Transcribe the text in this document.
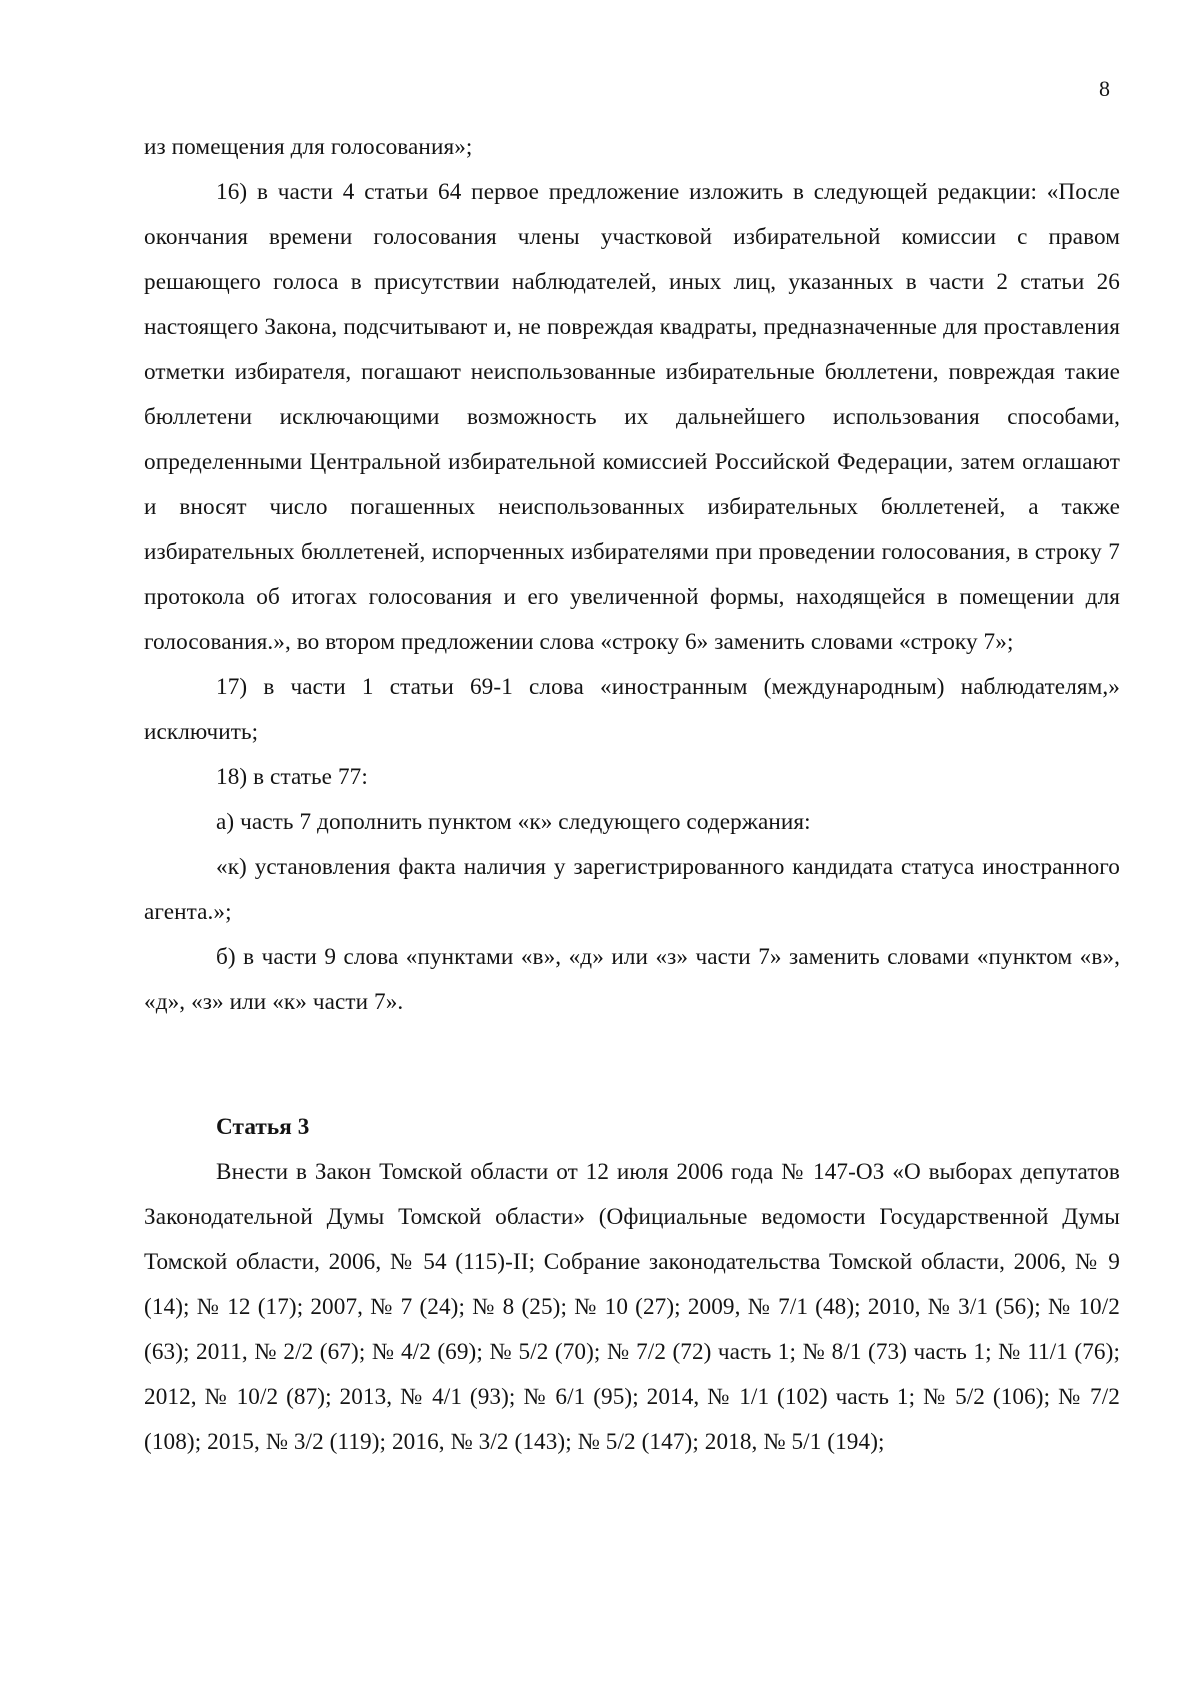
8

из помещения для голосования»;

16) в части 4 статьи 64 первое предложение изложить в следующей редакции: «После окончания времени голосования члены участковой избирательной комиссии с правом решающего голоса в присутствии наблюдателей, иных лиц, указанных в части 2 статьи 26 настоящего Закона, подсчитывают и, не повреждая квадраты, предназначенные для проставления отметки избирателя, погашают неиспользованные избирательные бюллетени, повреждая такие бюллетени исключающими возможность их дальнейшего использования способами, определенными Центральной избирательной комиссией Российской Федерации, затем оглашают и вносят число погашенных неиспользованных избирательных бюллетеней, а также избирательных бюллетеней, испорченных избирателями при проведении голосования, в строку 7 протокола об итогах голосования и его увеличенной формы, находящейся в помещении для голосования.», во втором предложении слова «строку 6» заменить словами «строку 7»;

17) в части 1 статьи 69-1 слова «иностранным (международным) наблюдателям,» исключить;

18) в статье 77:

а) часть 7 дополнить пунктом «к» следующего содержания:

«к) установления факта наличия у зарегистрированного кандидата статуса иностранного агента.»;

б) в части 9 слова «пунктами «в», «д» или «з» части 7» заменить словами «пунктом «в», «д», «з» или «к» части 7».

Статья 3

Внести в Закон Томской области от 12 июля 2006 года № 147-ОЗ «О выборах депутатов Законодательной Думы Томской области» (Официальные ведомости Государственной Думы Томской области, 2006, № 54 (115)-II; Собрание законодательства Томской области, 2006, № 9 (14); № 12 (17); 2007, № 7 (24); № 8 (25); № 10 (27); 2009, № 7/1 (48); 2010, № 3/1 (56); № 10/2 (63); 2011, № 2/2 (67); № 4/2 (69); № 5/2 (70); № 7/2 (72) часть 1; № 8/1 (73) часть 1; № 11/1 (76); 2012, № 10/2 (87); 2013, № 4/1 (93); № 6/1 (95); 2014, № 1/1 (102) часть 1; № 5/2 (106); № 7/2 (108); 2015, № 3/2 (119); 2016, № 3/2 (143); № 5/2 (147); 2018, № 5/1 (194);
